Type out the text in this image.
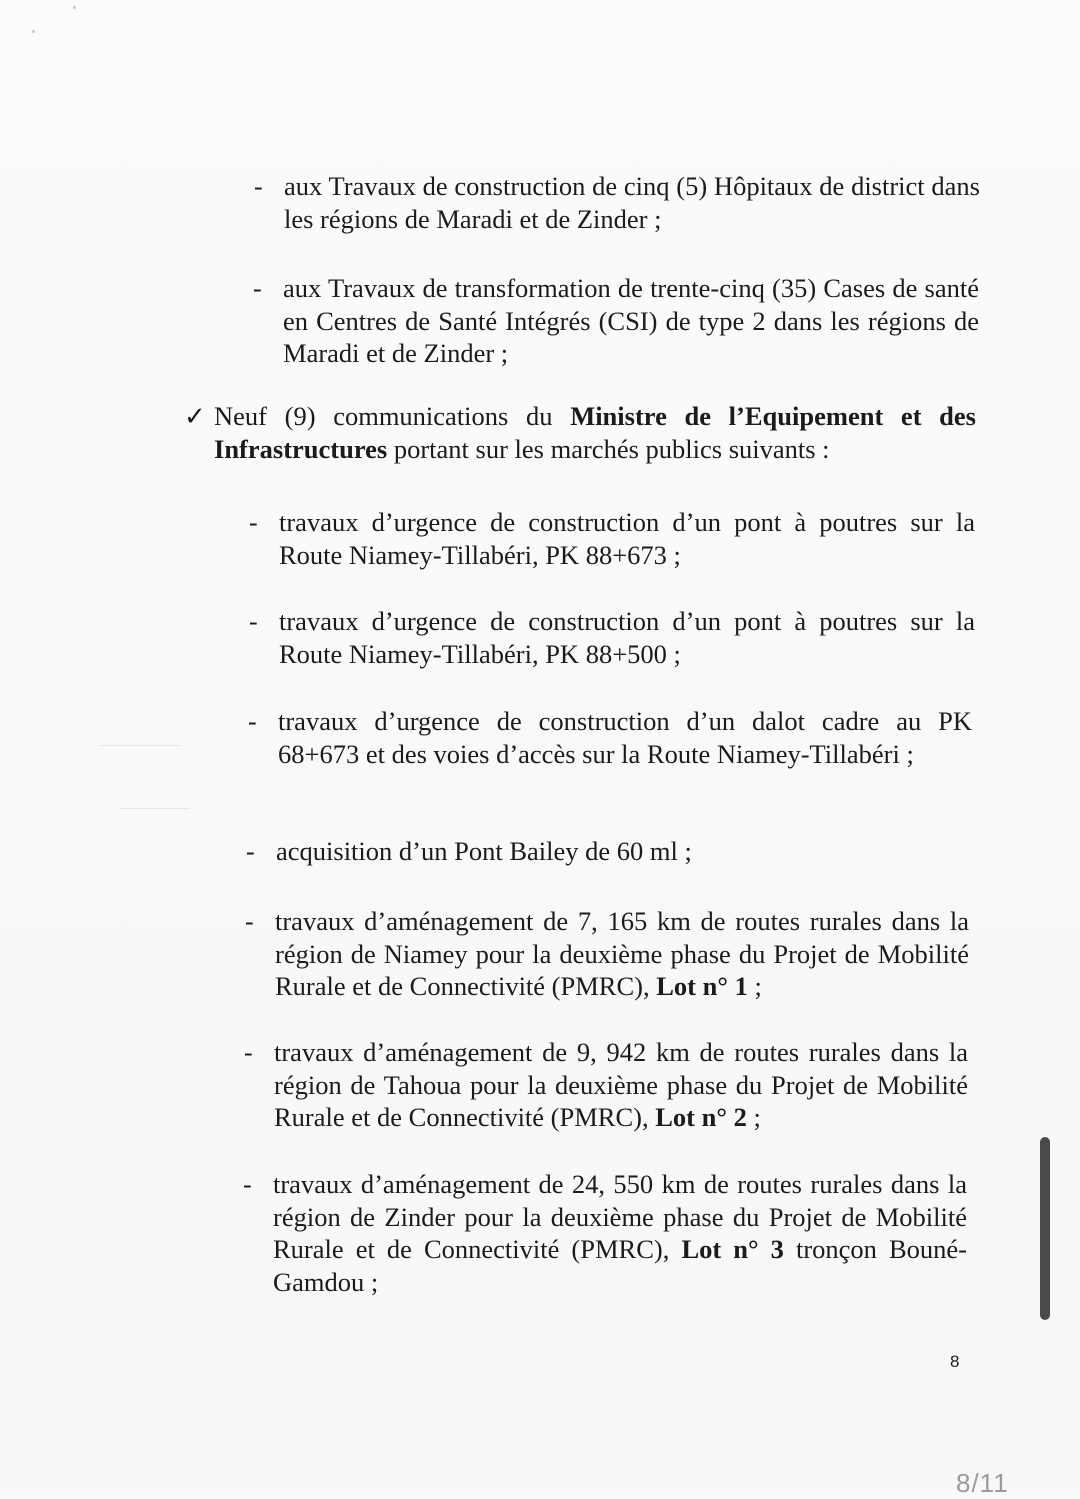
- aux Travaux de construction de cinq (5) Hôpitaux de district dans les régions de Maradi et de Zinder ;
- aux Travaux de transformation de trente-cinq (35) Cases de santé en Centres de Santé Intégrés (CSI) de type 2 dans les régions de Maradi et de Zinder ;
✓ Neuf (9) communications du Ministre de l’Equipement et des Infrastructures portant sur les marchés publics suivants :
- travaux d’urgence de construction d’un pont à poutres sur la Route Niamey-Tillabéri, PK 88+673 ;
- travaux d’urgence de construction d’un pont à poutres sur la Route Niamey-Tillabéri, PK 88+500 ;
- travaux d’urgence de construction d’un dalot cadre au PK 68+673 et des voies d’accès sur la Route Niamey-Tillabéri ;
- acquisition d’un Pont Bailey de 60 ml ;
- travaux d’aménagement de 7, 165 km de routes rurales dans la région de Niamey pour la deuxième phase du Projet de Mobilité Rurale et de Connectivité (PMRC), Lot n° 1 ;
- travaux d’aménagement de 9, 942 km de routes rurales dans la région de Tahoua pour la deuxième phase du Projet de Mobilité Rurale et de Connectivité (PMRC), Lot n° 2 ;
- travaux d’aménagement de 24, 550 km de routes rurales dans la région de Zinder pour la deuxième phase du Projet de Mobilité Rurale et de Connectivité (PMRC), Lot n° 3 tronçon Bouné-Gamdou ;
8
8/11
